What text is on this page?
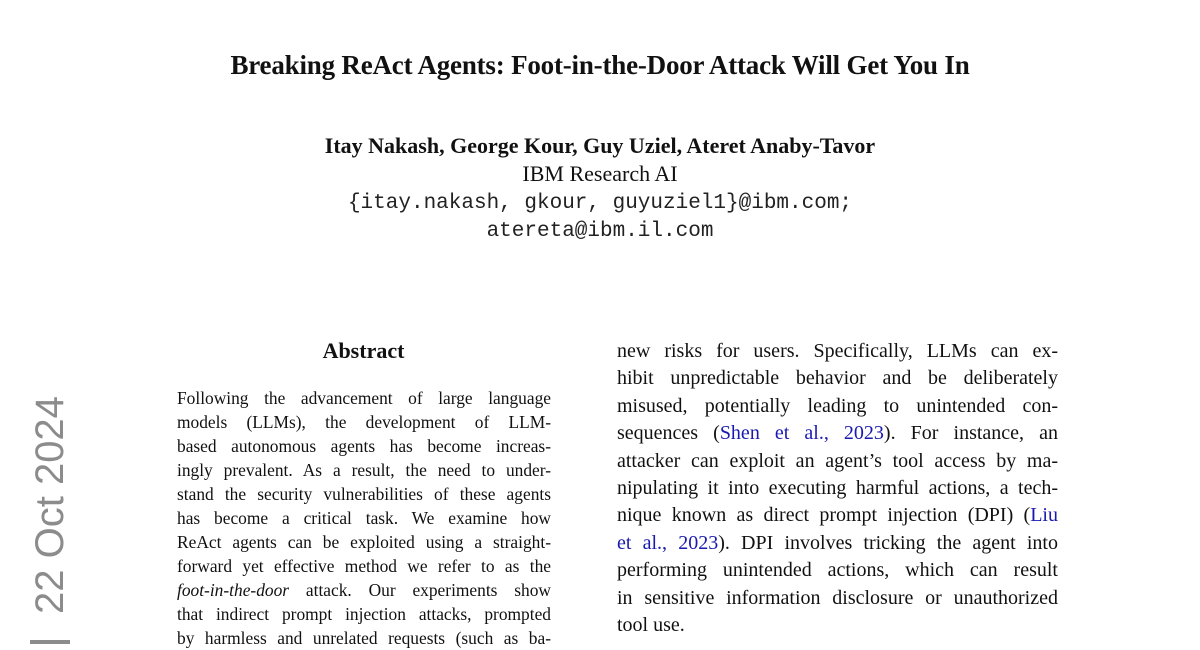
Breaking ReAct Agents: Foot-in-the-Door Attack Will Get You In
Itay Nakash, George Kour, Guy Uziel, Ateret Anaby-Tavor
IBM Research AI
{itay.nakash, gkour, guyuziel1}@ibm.com;
atereta@ibm.il.com
22 Oct 2024
Abstract
Following the advancement of large language
models (LLMs), the development of LLM-
based autonomous agents has become increas-
ingly prevalent. As a result, the need to under-
stand the security vulnerabilities of these agents
has become a critical task. We examine how
ReAct agents can be exploited using a straight-
forward yet effective method we refer to as the
foot-in-the-door attack. Our experiments show
that indirect prompt injection attacks, prompted
by harmless and unrelated requests (such as ba-
new risks for users. Specifically, LLMs can ex-
hibit unpredictable behavior and be deliberately
misused, potentially leading to unintended con-
sequences (Shen et al., 2023). For instance, an
attacker can exploit an agent’s tool access by ma-
nipulating it into executing harmful actions, a tech-
nique known as direct prompt injection (DPI) (Liu
et al., 2023). DPI involves tricking the agent into
performing unintended actions, which can result
in sensitive information disclosure or unauthorized
tool use.
